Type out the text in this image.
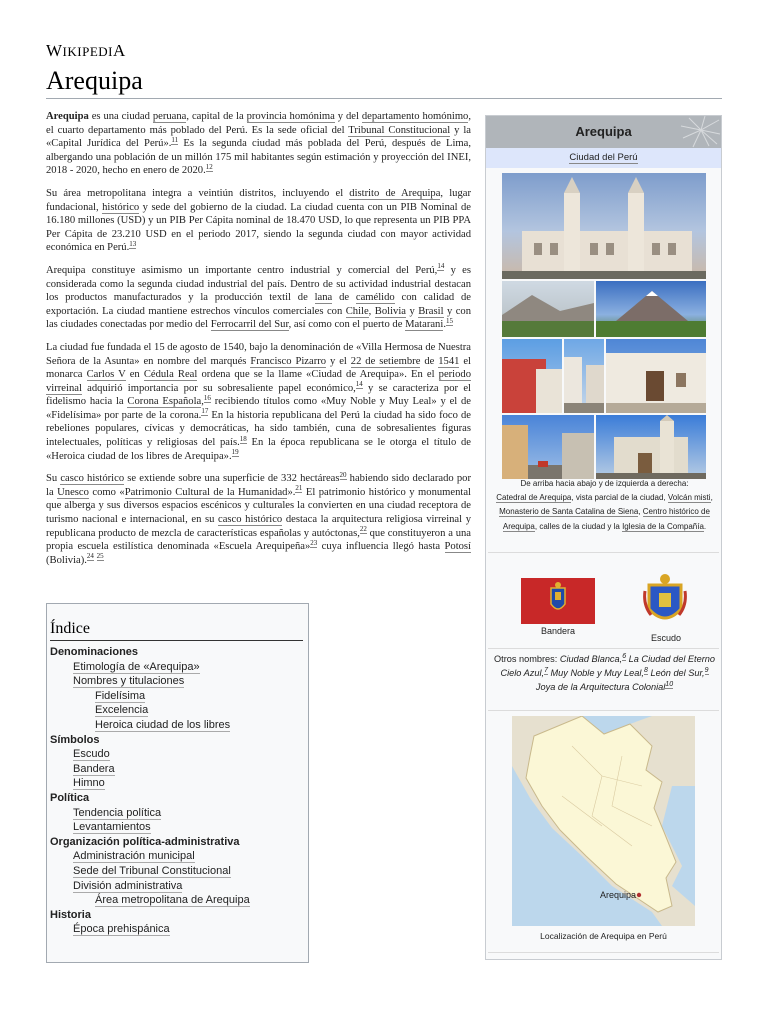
WIKIPEDIA
Arequipa

Arequipa es una ciudad peruana, capital de la provincia homónima y del departamento homónimo, el cuarto departamento más poblado del Perú. Es la sede oficial del Tribunal Constitucional y la «Capital Jurídica del Perú».$^{11}$ Es la segunda ciudad más poblada del Perú, después de Lima, albergando una población de un millón 175 mil habitantes según estimación y proyección del INEI, 2018 - 2020, hecho en enero de 2020.12

Su área metropolitana integra a veintiún distritos, incluyendo el distrito de Arequipa, lugar fundacional, histórico y sede del gobierno de la ciudad. La ciudad cuenta con un PIB Nominal de 16.180 millones (USD) y un PIB Per Cápita nominal de 18.470 USD, lo que representa un PIB PPA Per Cápita de 23.210 USD en el periodo 2017, siendo la segunda ciudad con mayor actividad económica en Perú.$^{13}$

Arequipa constituye asimismo un importante centro industrial y comercial del Perú,$^{14}$ y es considerada como la segunda ciudad industrial del país. Dentro de su actividad industrial destacan los productos manufacturados y la producción textil de lana de camélido con calidad de exportación. La ciudad mantiene estrechos vínculos comerciales con Chile, Bolivia y Brasil y con las ciudades conectadas por medio del Ferrocarril del Sur, así como con el puerto de Matarani.$^{15}$

La ciudad fue fundada el 15 de agosto de 1540, bajo la denominación de «Villa Hermosa de Nuestra Señora de la Asunta» en nombre del marqués Francisco Pizarro y el 22 de setiembre de 1541 el monarca Carlos V en Cédula Real ordena que se la llame «Ciudad de Arequipa». En el periodo virreinal adquirió importancia por su sobresaliente papel económico,$^{14}$ y se caracteriza por el fidelismo hacia la Corona Española,$^{16}$ recibiendo títulos como «Muy Noble y Muy Leal» y el de «Fidelísima» por parte de la corona.$^{17}$ En la historia republicana del Perú la ciudad ha sido foco de rebeliones populares, cívicas y democráticas, ha sido también, cuna de sobresalientes figuras intelectuales, políticas y religiosas del país.$^{18}$ En la época republicana se le otorga el título de «Heroica ciudad de los libres de Arequipa».$^{19}$

Su casco histórico se extiende sobre una superficie de 332 hectáreas$^{20}$ habiendo sido declarado por la Unesco como «Patrimonio Cultural de la Humanidad».$^{21}$ El patrimonio histórico y monumental que alberga y sus diversos espacios escénicos y culturales la convierten en una ciudad receptora de turismo nacional e internacional, en su casco histórico destaca la arquitectura religiosa virreinal y republicana producto de mezcla de características españolas y autóctonas,$^{22}$ que constituyeron a una propia escuela estilística denominada «Escuela Arequipeña»$^{23}$ cuya influencia llegó hasta Potosí (Bolivia).$^{24}$ $^{25}$

Índice
Denominaciones
Etimología de «Arequipa»
Nombres y titulaciones
Fidelísima
Excelencia
Heroica ciudad de los libres
Símbolos
Escudo
Bandera
Himno
Política
Tendencia política
Levantamientos
Organización política-administrativa
Administración municipal
Sede del Tribunal Constitucional
División administrativa
Área metropolitana de Arequipa
Historia
Época prehispánica
Arequipa
Ciudad del Perú
De arriba hacia abajo y de izquierda a derecha:
Catedral de Arequipa, vista parcial de la ciudad, Volcán misti, Monasterio de Santa Catalina de Siena, Centro histórico de Arequipa, calles de la ciudad y la Iglesia de la Compañía.
Bandera
Escudo
Otros nombres: Ciudad Blanca,$^6$ La Ciudad del Eterno Cielo Azul,$^7$ Muy Noble y Muy Leal,$^8$ León del Sur,$^9$ Joya de la Arquitectura Colonial$^{10}$
Arequipa
Localización de Arequipa en Perú
